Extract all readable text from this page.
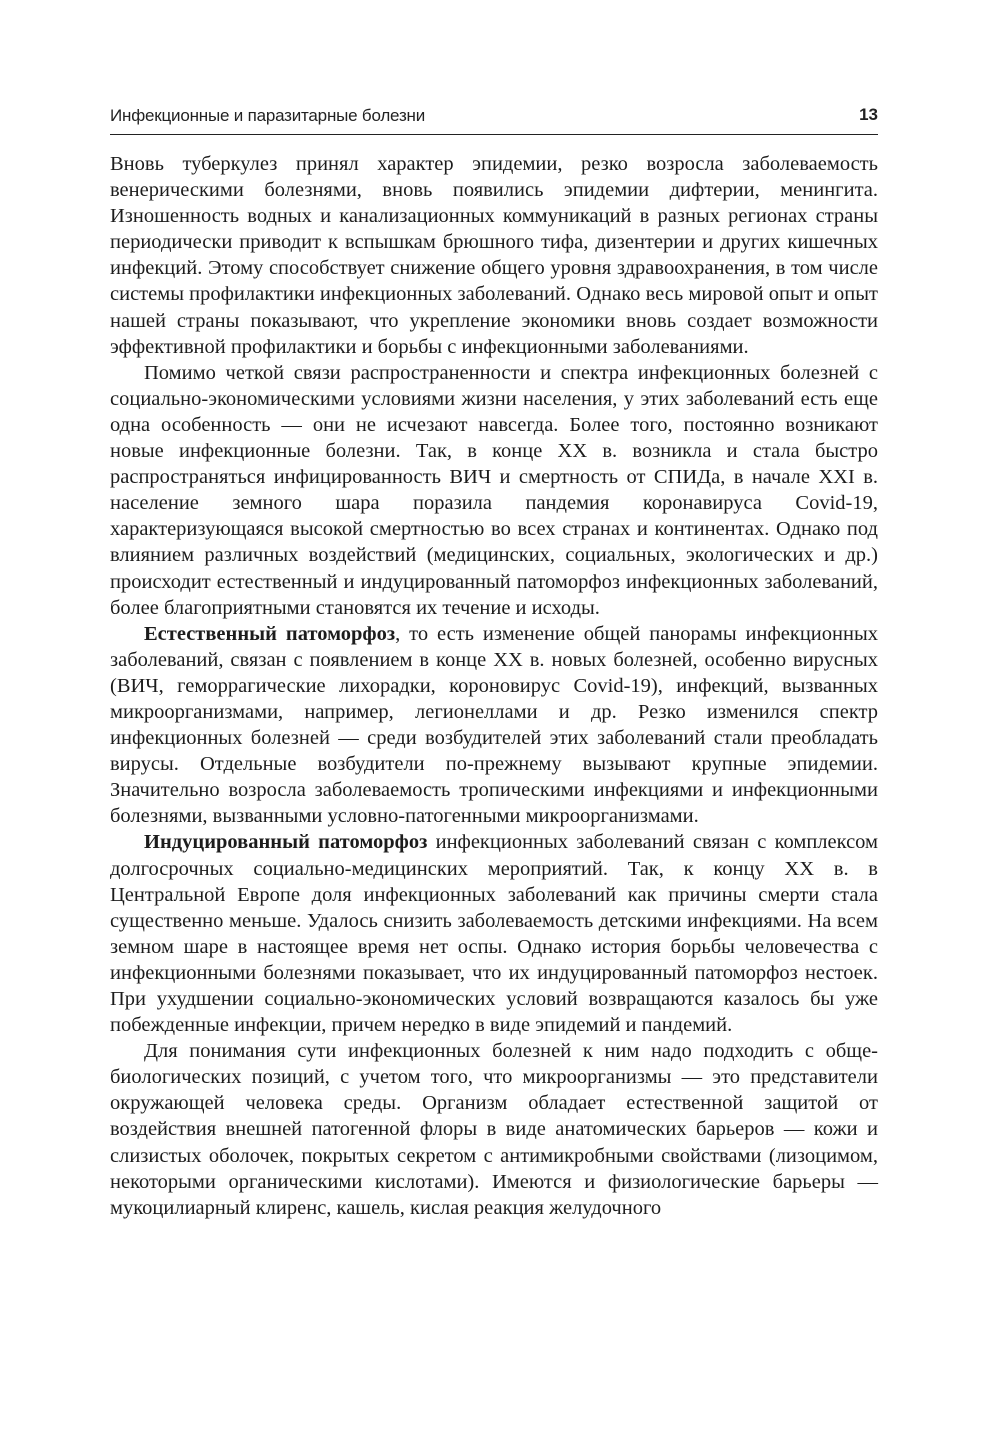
Инфекционные и паразитарные болезни	13

Вновь туберкулез принял характер эпидемии, резко возросла заболеваемость венерическими болезнями, вновь появились эпидемии дифтерии, менингита. Изношенность водных и канализационных коммуникаций в разных регионах страны периодически приводит к вспышкам брюшного тифа, дизентерии и других кишечных инфекций. Этому способствует снижение общего уровня здравоохранения, в том числе системы профилактики инфекционных заболеваний. Однако весь мировой опыт и опыт нашей страны показывают, что укрепление экономики вновь создает возможности эффективной профилактики и борьбы с инфекционными заболеваниями.

Помимо четкой связи распространенности и спектра инфекционных болезней с социально-экономическими условиями жизни населения, у этих заболеваний есть еще одна особенность — они не исчезают навсегда. Более того, постоянно возникают новые инфекционные болезни. Так, в конце XX в. возникла и стала быстро распространяться инфицированность ВИЧ и смертность от СПИДа, в начале XXI в. население земного шара поразила пандемия коронавируса Covid-19, характеризующаяся высокой смертностью во всех странах и континентах. Однако под влиянием различных воздействий (медицинских, социальных, экологических и др.) происходит естественный и индуцированный патоморфоз инфекционных заболеваний, более благоприятными становятся их течение и исходы.

Естественный патоморфоз, то есть изменение общей панорамы инфекционных заболеваний, связан с появлением в конце XX в. новых болезней, особенно вирусных (ВИЧ, геморрагические лихорадки, короновирус Covid-19), инфекций, вызванных микроорганизмами, например, легионеллами и др. Резко изменился спектр инфекционных болезней — среди возбудителей этих заболеваний стали преобладать вирусы. Отдельные возбудители по-прежнему вызывают крупные эпидемии. Значительно возросла заболеваемость тропическими инфекциями и инфекционными болезнями, вызванными условно-патогенными микроорганизмами.

Индуцированный патоморфоз инфекционных заболеваний связан с комплексом долгосрочных социально-медицинских мероприятий. Так, к концу XX в. в Центральной Европе доля инфекционных заболеваний как причины смерти стала существенно меньше. Удалось снизить заболеваемость детскими инфекциями. На всем земном шаре в настоящее время нет оспы. Однако история борьбы человечества с инфекционными болезнями показывает, что их индуцированный патоморфоз нестоек. При ухудшении социально-экономических условий возвращаются казалось бы уже побежденные инфекции, причем нередко в виде эпидемий и пандемий.

Для понимания сути инфекционных болезней к ним надо подходить с общебиологических позиций, с учетом того, что микроорганизмы — это представители окружающей человека среды. Организм обладает естественной защитой от воздействия внешней патогенной флоры в виде анатомических барьеров — кожи и слизистых оболочек, покрытых секретом с антимикробными свойствами (лизоцимом, некоторыми органическими кислотами). Имеются и физиологические барьеры — мукоцилиарный клиренс, кашель, кислая реакция желудочного
